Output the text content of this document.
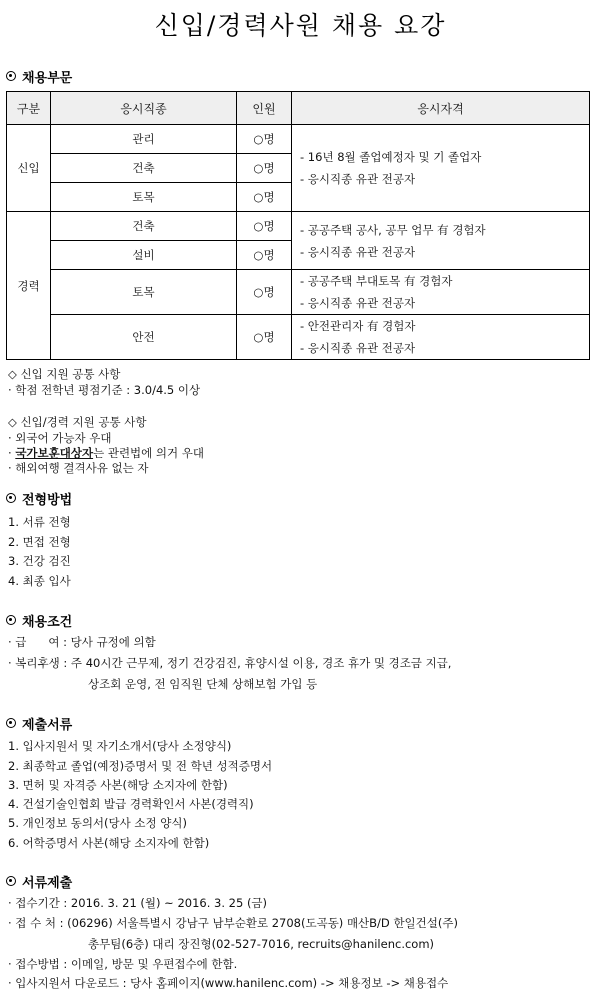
신입/경력사원 채용 요강
채용부문
구분	응시직종	인원	응시자격
신입	관리	○명	- 16년 8월 졸업예정자 및 기 졸업자
- 응시직종 유관 전공자

	건축	○명	
	토목	○명	
경력	건축	○명	- 공공주택 공사, 공무 업무 有 경험자
- 응시직종 유관 전공자

	설비	○명	
	토목	○명	- 공공주택 부대토목 有 경험자
- 응시직종 유관 전공자

	안전	○명	- 안전관리자 有 경험자
- 응시직종 유관 전공자
◇ 신입 지원 공통 사항
· 학점 전학년 평점기준 : 3.0/4.5 이상
◇ 신입/경력 지원 공통 사항
· 외국어 가능자 우대
· 국가보훈대상자는 관련법에 의거 우대
· 해외여행 결격사유 없는 자
전형방법
1. 서류 전형
2. 면접 전형
3. 건강 검진
4. 최종 입사
채용조건
· 급      여 : 당사 규정에 의함
· 복리후생 : 주 40시간 근무제, 정기 건강검진, 휴양시설 이용, 경조 휴가 및 경조금 지급,
상조회 운영, 전 임직원 단체 상해보험 가입 등
제출서류
1. 입사지원서 및 자기소개서(당사 소정양식)
2. 최종학교 졸업(예정)증명서 및 전 학년 성적증명서
3. 면허 및 자격증 사본(해당 소지자에 한함)
4. 건설기술인협회 발급 경력확인서 사본(경력직)
5. 개인정보 동의서(당사 소정 양식)
6. 어학증명서 사본(해당 소지자에 한함)
서류제출
· 접수기간 : 2016. 3. 21 (월) ~ 2016. 3. 25 (금)
· 접 수 처 : (06296) 서울특별시 강남구 남부순환로 2708(도곡동) 매산B/D 한일건설(주)
총무팀(6층) 대리 장진형(02-527-7016, recruits@hanilenc.com)
· 접수방법 : 이메일, 방문 및 우편접수에 한함.
· 입사지원서 다운로드 : 당사 홈페이지(www.hanilenc.com) -> 채용정보 -> 채용접수
